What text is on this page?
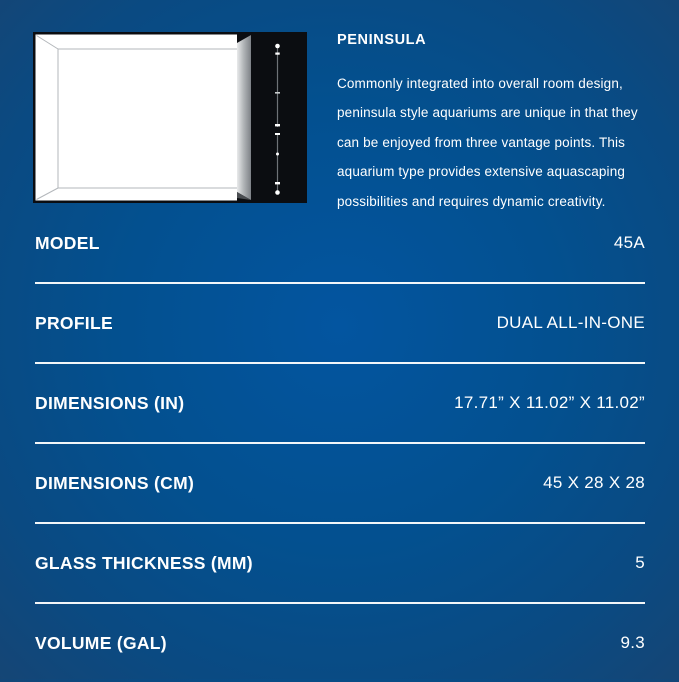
PENINSULA
Commonly integrated into overall room design,
peninsula style aquariums are unique in that they
can be enjoyed from three vantage points. This
aquarium type provides extensive aquascaping
possibilities and requires dynamic creativity.
MODEL	45A
PROFILE	DUAL ALL-IN-ONE
DIMENSIONS (IN)	17.71” X 11.02” X 11.02”
DIMENSIONS (CM)	45 X 28 X 28
GLASS THICKNESS (MM)	5
VOLUME (GAL)	9.3
